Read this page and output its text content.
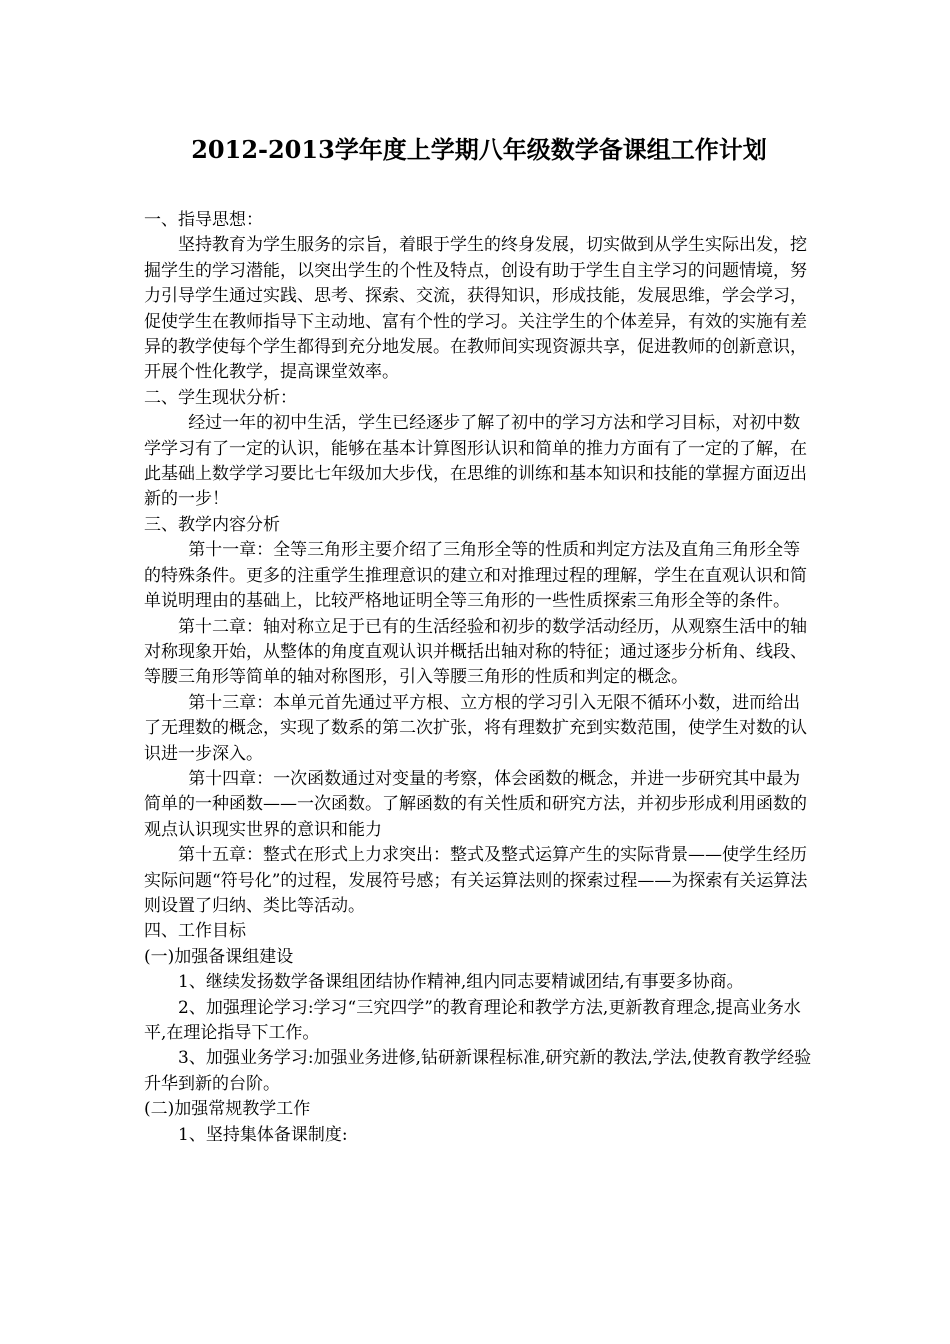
2012-2013学年度上学期八年级数学备课组工作计划

一、指导思想：

坚持教育为学生服务的宗旨，着眼于学生的终身发展，切实做到从学生实际出发，挖掘学生的学习潜能，以突出学生的个性及特点，创设有助于学生自主学习的问题情境，努力引导学生通过实践、思考、探索、交流，获得知识，形成技能，发展思维，学会学习，促使学生在教师指导下主动地、富有个性的学习。关注学生的个体差异，有效的实施有差异的教学使每个学生都得到充分地发展。在教师间实现资源共享，促进教师的创新意识，开展个性化教学，提高课堂效率。

二、学生现状分析：

经过一年的初中生活，学生已经逐步了解了初中的学习方法和学习目标，对初中数学学习有了一定的认识，能够在基本计算图形认识和简单的推力方面有了一定的了解，在此基础上数学学习要比七年级加大步伐，在思维的训练和基本知识和技能的掌握方面迈出新的一步！

三、教学内容分析

第十一章：全等三角形主要介绍了三角形全等的性质和判定方法及直角三角形全等的特殊条件。更多的注重学生推理意识的建立和对推理过程的理解，学生在直观认识和简单说明理由的基础上，比较严格地证明全等三角形的一些性质探索三角形全等的条件。

第十二章：轴对称立足于已有的生活经验和初步的数学活动经历，从观察生活中的轴对称现象开始，从整体的角度直观认识并概括出轴对称的特征；通过逐步分析角、线段、等腰三角形等简单的轴对称图形，引入等腰三角形的性质和判定的概念。

第十三章：本单元首先通过平方根、立方根的学习引入无限不循环小数，进而给出了无理数的概念，实现了数系的第二次扩张，将有理数扩充到实数范围，使学生对数的认识进一步深入。

第十四章：一次函数通过对变量的考察，体会函数的概念，并进一步研究其中最为简单的一种函数——一次函数。了解函数的有关性质和研究方法，并初步形成利用函数的观点认识现实世界的意识和能力

第十五章：整式在形式上力求突出：整式及整式运算产生的实际背景——使学生经历实际问题“符号化”的过程，发展符号感；有关运算法则的探索过程——为探索有关运算法则设置了归纳、类比等活动。

四、工作目标

(一)加强备课组建设

1、继续发扬数学备课组团结协作精神,组内同志要精诚团结,有事要多协商。

2、加强理论学习:学习“三究四学”的教育理论和教学方法,更新教育理念,提高业务水平,在理论指导下工作。

3、加强业务学习:加强业务进修,钻研新课程标准,研究新的教法,学法,使教育教学经验升华到新的台阶。

(二)加强常规教学工作

1、坚持集体备课制度:
